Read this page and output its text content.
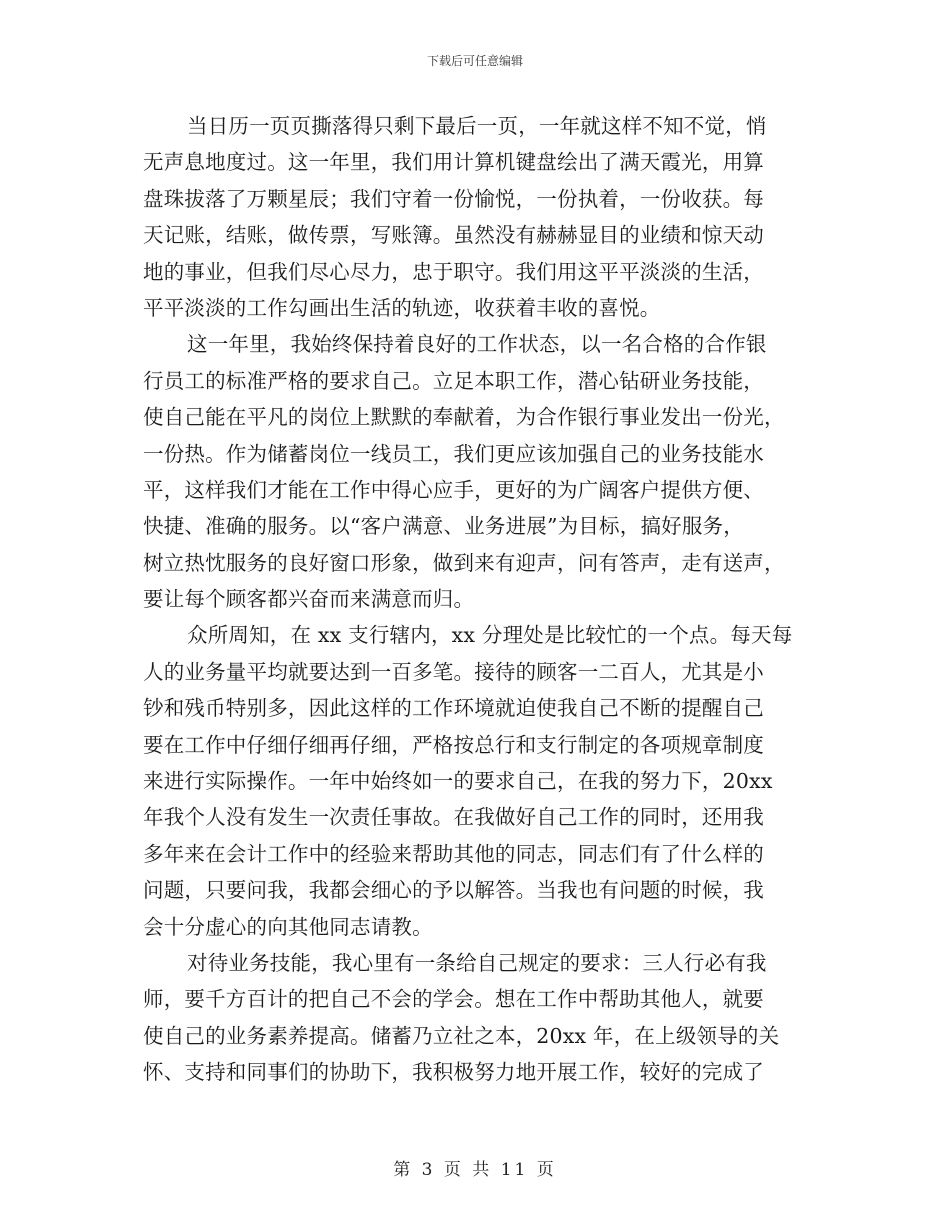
下载后可任意编辑
当日历一页页撕落得只剩下最后一页，一年就这样不知不觉，悄
无声息地度过。这一年里，我们用计算机键盘绘出了满天霞光，用算
盘珠拔落了万颗星辰；我们守着一份愉悦，一份执着，一份收获。每
天记账，结账，做传票，写账簿。虽然没有赫赫显目的业绩和惊天动
地的事业，但我们尽心尽力，忠于职守。我们用这平平淡淡的生活，
平平淡淡的工作勾画出生活的轨迹，收获着丰收的喜悦。
这一年里，我始终保持着良好的工作状态，以一名合格的合作银
行员工的标准严格的要求自己。立足本职工作，潜心钻研业务技能，
使自己能在平凡的岗位上默默的奉献着，为合作银行事业发出一份光，
一份热。作为储蓄岗位一线员工，我们更应该加强自己的业务技能水
平，这样我们才能在工作中得心应手，更好的为广阔客户提供方便、
快捷、准确的服务。以“客户满意、业务进展”为目标，搞好服务，
树立热忱服务的良好窗口形象，做到来有迎声，问有答声，走有送声，
要让每个顾客都兴奋而来满意而归。
众所周知，在 xx 支行辖内，xx 分理处是比较忙的一个点。每天每
人的业务量平均就要达到一百多笔。接待的顾客一二百人，尤其是小
钞和残币特别多，因此这样的工作环境就迫使我自己不断的提醒自己
要在工作中仔细仔细再仔细，严格按总行和支行制定的各项规章制度
来进行实际操作。一年中始终如一的要求自己，在我的努力下，20xx
年我个人没有发生一次责任事故。在我做好自己工作的同时，还用我
多年来在会计工作中的经验来帮助其他的同志，同志们有了什么样的
问题，只要问我，我都会细心的予以解答。当我也有问题的时候，我
会十分虚心的向其他同志请教。
对待业务技能，我心里有一条给自己规定的要求：三人行必有我
师，要千方百计的把自己不会的学会。想在工作中帮助其他人，就要
使自己的业务素养提高。储蓄乃立社之本，20xx 年，在上级领导的关
怀、支持和同事们的协助下，我积极努力地开展工作，较好的完成了
第 3 页 共 11 页
